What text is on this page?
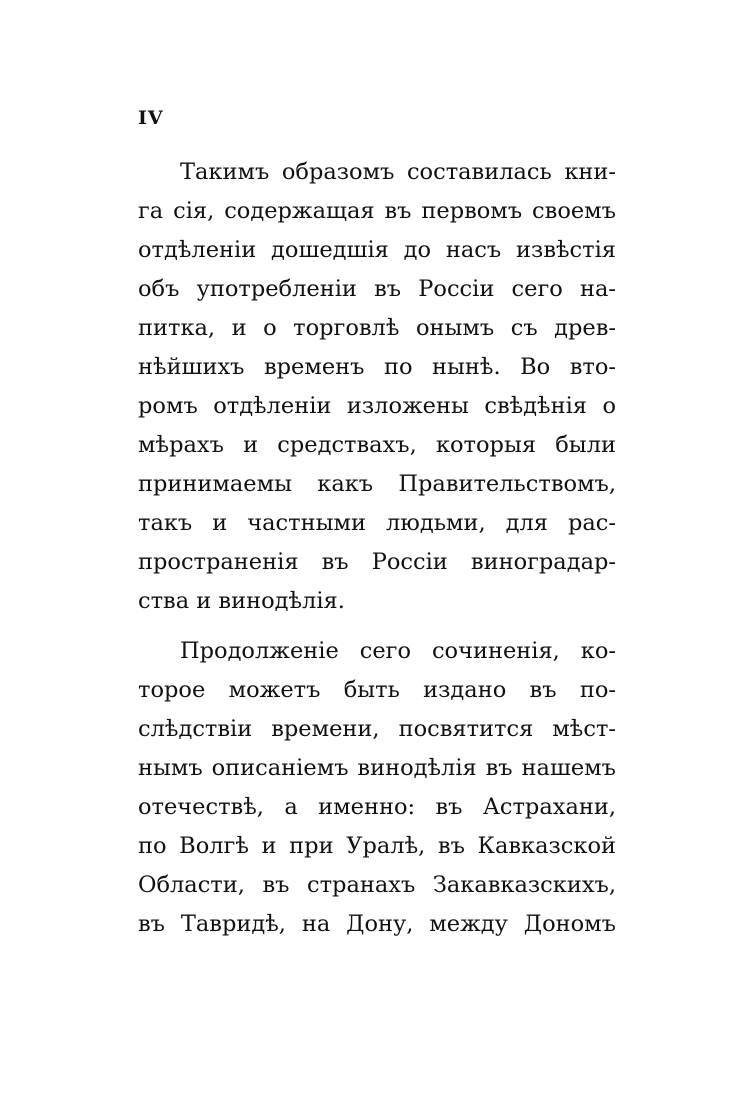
IV
Такимъ образомъ составилась кни-
га сія, содержащая въ первомъ своемъ
отдѣленіи дошедшія до насъ извѣстія
объ употребленіи въ Россіи сего на-
питка, и о торговлѣ онымъ съ древ-
нѣйшихъ временъ по нынѣ. Во вто-
ромъ отдѣленіи изложены свѣдѣнія о
мѣрахъ и средствахъ, которыя были
принимаемы какъ Правительствомъ,
такъ и частными людьми, для рас-
пространенія въ Россіи виноградар-
ства и винодѣлія.
Продолженіе сего сочиненія, ко-
торое можетъ быть издано въ по-
слѣдствіи времени, посвятится мѣст-
нымъ описаніемъ винодѣлія въ нашемъ
отечествѣ, а именно: въ Астрахани,
по Волгѣ и при Уралѣ, въ Кавказской
Области, въ странахъ Закавказскихъ,
въ Тавридѣ, на Дону, между Дономъ
